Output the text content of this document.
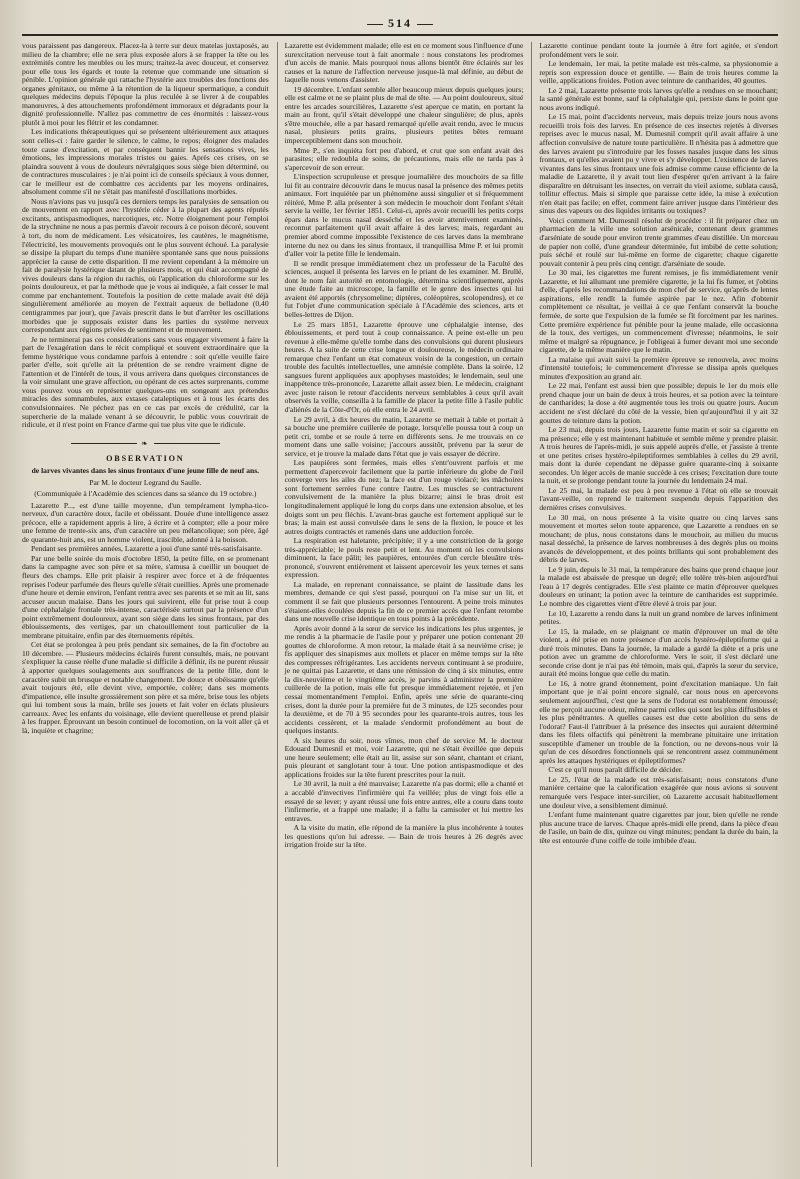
514

vous paraissent pas dangereux. Placez-la à terre sur deux matelas juxtaposés, au milieu de la chambre; elle ne sera plus exposée alors à se frapper la tête ou les extrémités contre les meubles ou les murs; traitez-la avec douceur, et conservez pour elle tous les égards et toute la retenue que commande une situation si pénible. L'opinion générale qui rattache l'hystérie aux troubles des fonctions des organes génitaux, ou même à la rétention de la liqueur spermatique, a conduit quelques médecins depuis l'époque la plus reculée à se livrer à de coupables manœuvres, à des attouchements profondément immoraux et dégradants pour la dignité professionnelle. N'allez pas commettre de ces énormités : laissez-vous plutôt à moi pour les flétrir et les condamner.

Les indications thérapeutiques qui se présentent ultérieurement aux attaques sont celles-ci : faire garder le silence, le calme, le repos; éloigner des malades toute cause d'excitation, et par conséquent bannir les sensations vives, les émotions, les impressions morales tristes ou gaies. Après ces crises, on se plaindra souvent à vous de douleurs névralgiques sous siège bien déterminé, ou de contractures musculaires : je n'ai point ici de conseils spéciaux à vous donner, car le meilleur est de combattre ces accidents par les moyens ordinaires, absolument comme s'il ne s'était pas manifesté d'oscillations morbides.

Nous n'avions pas vu jusqu'à ces derniers temps les paralysies de sensation ou de mouvement en rapport avec l'hystérie céder à la plupart des agents réputés excitants, antispasmodiques, narcotiques, etc. Notre éloignement pour l'emploi de la strychnine ne nous a pas permis d'avoir recours à ce poison décoré, souvent à tort, du nom de médicament. Les vésicatoires, les cautères, le magnétisme, l'électricité, les mouvements provoqués ont le plus souvent échoué. La paralysie se dissipe la plupart du temps d'une manière spontanée sans que nous puissions apprécier la cause de cette disparition. Il me revient cependant à la mémoire un fait de paralysie hystérique datant de plusieurs mois, et qui était accompagné de vives douleurs dans la région du rachis, où l'application du chloroforme sur les points douloureux, et par la méthode que je vous ai indiquée, a fait cesser le mal comme par enchantement. Toutefois la position de cette malade avait été déjà singulièrement améliorée au moyen de l'extrait aqueux de belladone (0,40 centigrammes par jour), que j'avais prescrit dans le but d'arrêter les oscillations morbides que je supposais exister dans les parties du système nerveux correspondant aux régions privées de sentiment et de mouvement.

Je ne terminerai pas ces considérations sans vous engager vivement à faire la part de l'exagération dans le récit compliqué et souvent extraordinaire que la femme hystérique vous condamne parfois à entendre : soit qu'elle veuille faire parler d'elle, soit qu'elle ait la prétention de se rendre vraiment digne de l'attention et de l'intérêt de tous, il vous arrivera dans quelques circonstances de la voir simulant une grave affection, ou opérant de ces actes surprenants, comme vous pouvez vous en représenter quelques-uns en songeant aux prétendus miracles des somnambules, aux extases cataleptiques et à tous les écarts des convulsionnaires. Ne péchez pas en ce cas par excès de crédulité, car la supercherie de la malade venant à se découvrir, le public vous couvrirait de ridicule, et il n'est point en France d'arme qui tue plus vite que le ridicule.

❧
OBSERVATION
de larves vivantes dans les sinus frontaux d'une jeune fille de neuf ans.
Par M. le docteur Legrand du Saulle.
(Communiquée à l'Académie des sciences dans sa séance du 19 octobre.)

Lazarette P..., est d'une taille moyenne, d'un tempérament lympha-tico-nerveux, d'un caractère doux, facile et obéissant. Douée d'une intelligence assez précoce, elle a rapidement appris à lire, à écrire et à compter; elle a pour mère une femme de trente-six ans, d'un caractère un peu mélancolique; son père, âgé de quarante-huit ans, est un homme violent, irascible, adonné à la boisson.

Pendant ses premières années, Lazarette a joui d'une santé très-satisfaisante.

Par une belle soirée du mois d'octobre 1850, la petite fille, en se promenant dans la campagne avec son père et sa mère, s'amusa à cueillir un bouquet de fleurs des champs. Elle prit plaisir à respirer avec force et à de fréquentes reprises l'odeur parfumée des fleurs qu'elle s'était cueillies. Après une promenade d'une heure et demie environ, l'enfant rentra avec ses parents et se mit au lit, sans accuser aucun malaise. Dans les jours qui suivirent, elle fut prise tout à coup d'une céphalalgie frontale très-intense, caractérisée surtout par la présence d'un point extrêmement douloureux, ayant son siège dans les sinus frontaux, par des éblouissements, des vertiges, par un chatouillement tout particulier de la membrane pituitaire, enfin par des éternuements répétés.

Cet état se prolongea à peu près pendant six semaines, de la fin d'octobre au 10 décembre. — Plusieurs médecins éclairés furent consultés, mais, ne pouvant s'expliquer la cause réelle d'une maladie si difficile à définir, ils ne purent réussir à apporter quelques soulagements aux souffrances de la petite fille, dont le caractère subit un brusque et notable changement. De douce et obéissante qu'elle avait toujours été, elle devint vive, emportée, colère; dans ses moments d'impatience, elle insulte grossièrement son père et sa mère, brise tous les objets qui lui tombent sous la main, brûle ses jouets et fait voler en éclats plusieurs carreaux. Avec les enfants du voisinage, elle devient querelleuse et prend plaisir à les frapper. Éprouvant un besoin continuel de locomotion, on la voit aller çà et là, inquiète et chagrine;

Lazarette est évidemment malade; elle est en ce moment sous l'influence d'une surexcitation nerveuse tout à fait anormale : nous constatons les prodromes d'un accès de manie. Mais pourquoi nous allons bientôt être éclairés sur les causes et la nature de l'affection nerveuse jusque-là mal définie, au début de laquelle nous venons d'assister.

19 décembre. L'enfant semble aller beaucoup mieux depuis quelques jours; elle est calme et ne se plaint plus de mal de tête. — Au point douloureux, situé entre les arcades sourcilières, Lazarette s'est aperçue ce matin, en portant la main au front, qu'il s'était développé une chaleur singulière; de plus, après s'être mouchée, elle a par hasard remarqué qu'elle avait rendu, avec le mucus nasal, plusieurs petits grains, plusieurs petites bêtes remuant imperceptiblement dans son mouchoir.

Mme P., s'en inquiéta fort peu d'abord, et crut que son enfant avait des parasites; elle redoubla de soins, de précautions, mais elle ne tarda pas à s'apercevoir de son erreur.

L'inspection scrupuleuse et presque journalière des mouchoirs de sa fille lui fit au contraire découvrir dans le mucus nasal la présence des mêmes petits animaux. Fort inquiétée par un phénomène aussi singulier et si fréquemment réitéré, Mme P. alla présenter à son médecin le mouchoir dont l'enfant s'était servie la veille, 1er février 1851. Celui-ci, après avoir recueilli les petits corps épars dans le mucus nasal desséché et les avoir attentivement examinés, reconnut parfaitement qu'il avait affaire à des larves; mais, regardant au premier abord comme impossible l'existence de ces larves dans la membrane interne du nez ou dans les sinus frontaux, il tranquillisa Mme P. et lui promit d'aller voir la petite fille le lendemain.

Il se rendit presque immédiatement chez un professeur de la Faculté des sciences, auquel il présenta les larves en le priant de les examiner. M. Brullé, dont le nom fait autorité en entomologie, détermina scientifiquement, après une étude faite au microscope, la famille et le genre des insectes qui lui avaient été apportés (chrysomeline; diptères, coléoptères, scolopendres), et ce fut l'objet d'une communication spéciale à l'Académie des sciences, arts et belles-lettres de Dijon.

Le 25 mars 1851, Lazarette éprouve une céphalalgie intense, des éblouissements, et perd tout à coup connaissance. A peine est-elle un peu revenue à elle-même qu'elle tombe dans des convulsions qui durent plusieurs heures. A la suite de cette crise longue et douloureuse, le médecin ordinaire remarque chez l'enfant un état comateux voisin de la congestion, un certain trouble des facultés intellectuelles, une amnésie complète. Dans la soirée, 12 sangsues furent appliquées aux apophyses mastoïdes; le lendemain, seul une inappétence très-prononcée, Lazarette allait assez bien. Le médecin, craignant avec juste raison le retour d'accidents nerveux semblables à ceux qu'il avait observés la veille, conseilla à la famille de placer la petite fille à l'asile public d'aliénés de la Côte-d'Or, où elle entra le 24 avril.

Le 29 avril, à dix heures du matin, Lazarette se mettait à table et portait à sa bouche une première cuillerée de potage, lorsqu'elle poussa tout à coup un petit cri, tombe et se roule à terre en différents sens. Je me trouvais en ce moment dans une salle voisine; j'accours aussitôt, prévenu par la sœur de service, et je trouve la malade dans l'état que je vais essayer de décrire.

Les paupières sont fermées, mais elles s'entr'ouvrent parfois et me permettent d'apercevoir facilement que la partie inférieure du globe de l'œil converge vers les ailes du nez; la face est d'un rouge violacé; les mâchoires sont fortement serrées l'une contre l'autre. Les muscles se contracturent convulsivement de la manière la plus bizarre; ainsi le bras droit est longitudinalement appliqué le long du corps dans une extension absolue, et les doigts sont un peu fléchis. L'avant-bras gauche est fortement appliqué sur le bras; la main est aussi convulsée dans le sens de la flexion, le pouce et les autres doigts contractés et ramenés dans une adduction forcée.

La respiration est haletante, précipitée; il y a une constriction de la gorge très-appréciable; le pouls reste petit et lent. Au moment où les convulsions diminuent, la face pâlit; les paupières, entourées d'un cercle bleuâtre très-prononcé, s'ouvrent entièrement et laissent apercevoir les yeux ternes et sans expression.

La malade, en reprenant connaissance, se plaint de lassitude dans les membres, demande ce qui s'est passé, pourquoi on l'a mise sur un lit, et comment il se fait que plusieurs personnes l'entourent. A peine trois minutes s'étaient-elles écoulées depuis la fin de ce premier accès que l'enfant retombe dans une nouvelle crise identique en tous points à la précédente.

Après avoir donné à la sœur de service les indications les plus urgentes, je me rendis à la pharmacie de l'asile pour y préparer une potion contenant 20 gouttes de chloroforme. A mon retour, la malade était à sa neuvième crise; je fis appliquer des sinapismes aux mollets et placer en même temps sur la tête des compresses réfrigérantes. Les accidents nerveux continuant à se produire, je ne quittai pas Lazarette, et dans une rémission de cinq à six minutes, entre la dix-neuvième et le vingtième accès, je parvins à administrer la première cuillerée de la potion, mais elle fut presque immédiatement rejetée, et j'en cessai momentanément l'emploi. Enfin, après une série de quarante-cinq crises, dont la durée pour la première fut de 3 minutes, de 125 secondes pour la deuxième, et de 70 à 95 secondes pour les quarante-trois autres, tous les accidents cessèrent, et la malade s'endormit profondément au bout de quelques instants.

A six heures du soir, nous vîmes, mon chef de service M. le docteur Edouard Dumesnil et moi, voir Lazarette, qui ne s'était éveillée que depuis une heure seulement; elle était au lit, assise sur son séant, chantant et criant, puis pleurant et sanglotant tour à tour. Une potion antispasmodique et des applications froides sur la tête furent prescrites pour la nuit.

Le 30 avril, la nuit a été mauvaise; Lazarette n'a pas dormi; elle a chanté et a accablé d'invectives l'infirmière qui l'a veillée; plus de vingt fois elle a essayé de se lever; y ayant réussi une fois entre autres, elle a couru dans toute l'infirmerie, et a frappé une malade; il a fallu la camisoler et lui mettre les entraves.

A la visite du matin, elle répond de la manière la plus incohérente à toutes les questions qu'on lui adresse. — Bain de trois heures à 26 degrés avec irrigation froide sur la tête.

Lazarette continue pendant toute la journée à être fort agitée, et s'endort profondément vers le soir.

Le lendemain, 1er mai, la petite malade est très-calme, sa physionomie a repris son expression douce et gentille. — Bain de trois heures comme la veille, applications froides. Potion avec teinture de cantharides, 40 gouttes.

Le 2 mai, Lazarette présente trois larves qu'elle a rendues en se mouchant; la santé générale est bonne, sauf la céphalalgie qui, persiste dans le point que nous avons indiqué.

Le 15 mai, point d'accidents nerveux, mais depuis treize jours nous avons recueilli trois fois des larves. En présence de ces insectes rejetés à diverses reprises avec le mucus nasal, M. Dumesnil comprit qu'il avait affaire à une affection convulsive de nature toute particulière. Il n'hésita pas à admettre que des larves avaient pu s'introduire par les fosses nasales jusque dans les sinus frontaux, et qu'elles avaient pu y vivre et s'y développer. L'existence de larves vivantes dans les sinus frontaux une fois admise comme cause efficiente de la maladie de Lazarette, il y avait tout lieu d'espérer qu'en arrivant à la faire disparaître en détruisant les insectes, on verrait du vieil axiome, sublata causâ, tollitur effectus. Mais si simple que paraisse cette idée, la mise à exécution n'en était pas facile; en effet, comment faire arriver jusque dans l'intérieur des sinus des vapeurs ou des liquides irritants ou toxiques?

Voici comment M. Dumesnil résolut de procéder : il fit préparer chez un pharmacien de la ville une solution arsénicale, contenant deux grammes d'arséniate de soude pour environ trente grammes d'eau distillée. Un morceau de papier non collé, d'une grandeur déterminée, fut imbibé de cette solution; puis séché et roulé sur lui-même en forme de cigarette; chaque cigarette pouvait contenir à peu près cinq centigr. d'arséniate de soude.

Le 30 mai, les cigarettes me furent remises, je fis immédiatement venir Lazarette, et lui allumant une première cigarette, je la lui fis fumer, et j'obtins d'elle, d'après les recommandations de mon chef de service, qu'après de lentes aspirations, elle rendît la fumée aspirée par le nez. Afin d'obtenir complètement ce résultat, je veillai à ce que l'enfant conservât la bouche fermée, de sorte que l'expulsion de la fumée se fît forcément par les narines. Cette première expérience fut pénible pour la jeune malade, elle occasionna de la toux, des vertiges, un commencement d'ivresse; néanmoins, le soir même et malgré sa répugnance, je l'obligeai à fumer devant moi une seconde cigarette, de la même manière que le matin.

La malaise qui avait suivi la première épreuve se renouvela, avec moins d'intensité toutefois; le commencement d'ivresse se dissipa après quelques minutes d'exposition au grand air.

Le 22 mai, l'enfant est aussi bien que possible; depuis le 1er du mois elle prend chaque jour un bain de deux à trois heures, et sa potion avec la teinture de cantharides; la dose a été augmentée tous les trois ou quatre jours. Aucun accident ne s'est déclaré du côté de la vessie, bien qu'aujourd'hui il y ait 32 gouttes de teinture dans la potion.

Le 23 mai, depuis trois jours, Lazarette fume matin et soir sa cigarette en ma présence; elle y est maintenant habituée et semble même y prendre plaisir. A trois heures de l'après-midi, je suis appelé auprès d'elle, et j'assiste à trente et une petites crises hystéro-épileptiformes semblables à celles du 29 avril, mais dont la durée cependant ne dépasse guère quarante-cinq à soixante secondes. Un léger accès de manie succède à ces crises; l'excitation dure toute la nuit, et se prolonge pendant toute la journée du lendemain 24 mai.

Le 25 mai, la malade est peu à peu revenue à l'état où elle se trouvait l'avant-veille, on reprend le traitement suspendu depuis l'apparition des dernières crises convulsives.

Le 30 mai, on nous présente à la visite quatre ou cinq larves sans mouvement et mortes selon toute apparence, que Lazarette a rendues en se mouchant; de plus, nous constatons dans le mouchoir, au milieu du mucus nasal desséché, la présence de larves nombreuses à des degrés plus ou moins avancés de développement, et des points brillants qui sont probablement des débris de larves.

Le 9 juin, depuis le 31 mai, la température des bains que prend chaque jour la malade est abaissée de presque un degré; elle tolère très-bien aujourd'hui l'eau à 17 degrés centigrades. Elle s'est plainte ce matin d'éprouver quelques douleurs en urinant; la potion avec la teinture de cantharides est supprimée. Le nombre des cigarettes vient d'être élevé à trois par jour.

Le 10, Lazarette a rendu dans la nuit un grand nombre de larves infiniment petites.

Le 15, la malade, en se plaignant ce matin d'éprouver un mal de tête violent, a été prise en notre présence d'un accès hystéro-épileptiforme qui a duré trois minutes. Dans la journée, la malade a gardé la diète et a pris une potion avec un gramme de chloroforme. Vers le soir, il s'est déclaré une seconde crise dont je n'ai pas été témoin, mais qui, d'après la sœur du service, aurait été moins longue que celle du matin.

Le 16, à notre grand étonnement, point d'excitation maniaque. Un fait important que je n'ai point encore signalé, car nous nous en apercevons seulement aujourd'hui, c'est que la sens de l'odorat est notablement émoussé; elle ne perçoit aucune odeur, même parmi celles qui sont les plus diffusibles et les plus pénétrantes. A quelles causes est due cette abolition du sens de l'odorat? Faut-il l'attribuer à la présence des insectes qui auraient déterminé dans les filets olfactifs qui pénètrent la membrane pituitaire une irritation susceptible d'amener un trouble de la fonction, ou ne devons-nous voir là qu'un de ces désordres fonctionnels qui se rencontrent assez communément après les attaques hystériques et épileptiformes?

C'est ce qu'il nous paraît difficile de décider.

Le 25, l'état de la malade est très-satisfaisant; nous constatons d'une manière certaine que la calorification exagérée que nous avions si souvent remarquée vers l'espace inter-surcilier, où Lazarette accusait habituellement une douleur vive, a sensiblement diminué.

L'enfant fume maintenant quatre cigarettes par jour, bien qu'elle ne rende plus aucune trace de larves. Chaque après-midi elle prend, dans la pièce d'eau de l'asile, un bain de dix, quinze ou vingt minutes; pendant la durée du bain, la tête est entourée d'une coiffe de toile imbibée d'eau.
